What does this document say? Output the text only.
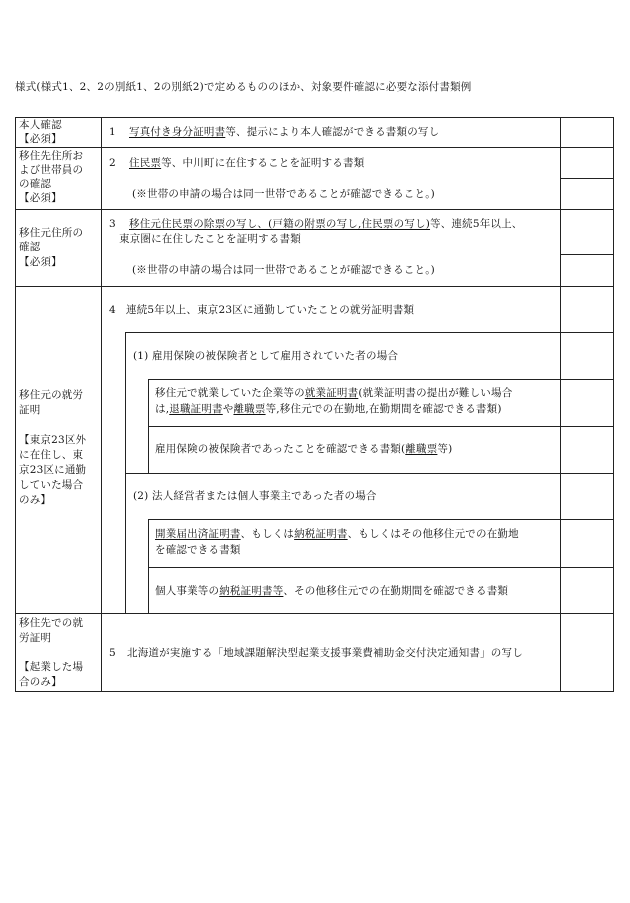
様式(様式1、2、2の別紙1、2の別紙2)で定めるもののほか、対象要件確認に必要な添付書類例
本人確認
【必須】
1 写真付き身分証明書等、提示により本人確認ができる書類の写し
移住先住所お
よび世帯員の
の確認
【必須】
2 住民票等、中川町に在住することを証明する書類
(※世帯の申請の場合は同一世帯であることが確認できること。)
移住元住所の
確認
【必須】
3 移住元住民票の除票の写し、(戸籍の附票の写し,住民票の写し)等、連続5年以上、
東京圏に在住したことを証明する書類
(※世帯の申請の場合は同一世帯であることが確認できること。)
移住元の就労
証明
【東京23区外
に在住し、東
京23区に通勤
していた場合
のみ】
4 連続5年以上、東京23区に通勤していたことの就労証明書類
(1) 雇用保険の被保険者として雇用されていた者の場合
移住元で就業していた企業等の就業証明書(就業証明書の提出が難しい場合
は,退職証明書や離職票等,移住元での在勤地,在勤期間を確認できる書類)
雇用保険の被保険者であったことを確認できる書類(離職票等)
(2) 法人経営者または個人事業主であった者の場合
開業届出済証明書、もしくは納税証明書、もしくはその他移住元での在勤地
を確認できる書類
個人事業等の納税証明書等、その他移住元での在勤期間を確認できる書類
移住先での就
労証明
【起業した場
合のみ】
5 北海道が実施する「地域課題解決型起業支援事業費補助金交付決定通知書」の写し
